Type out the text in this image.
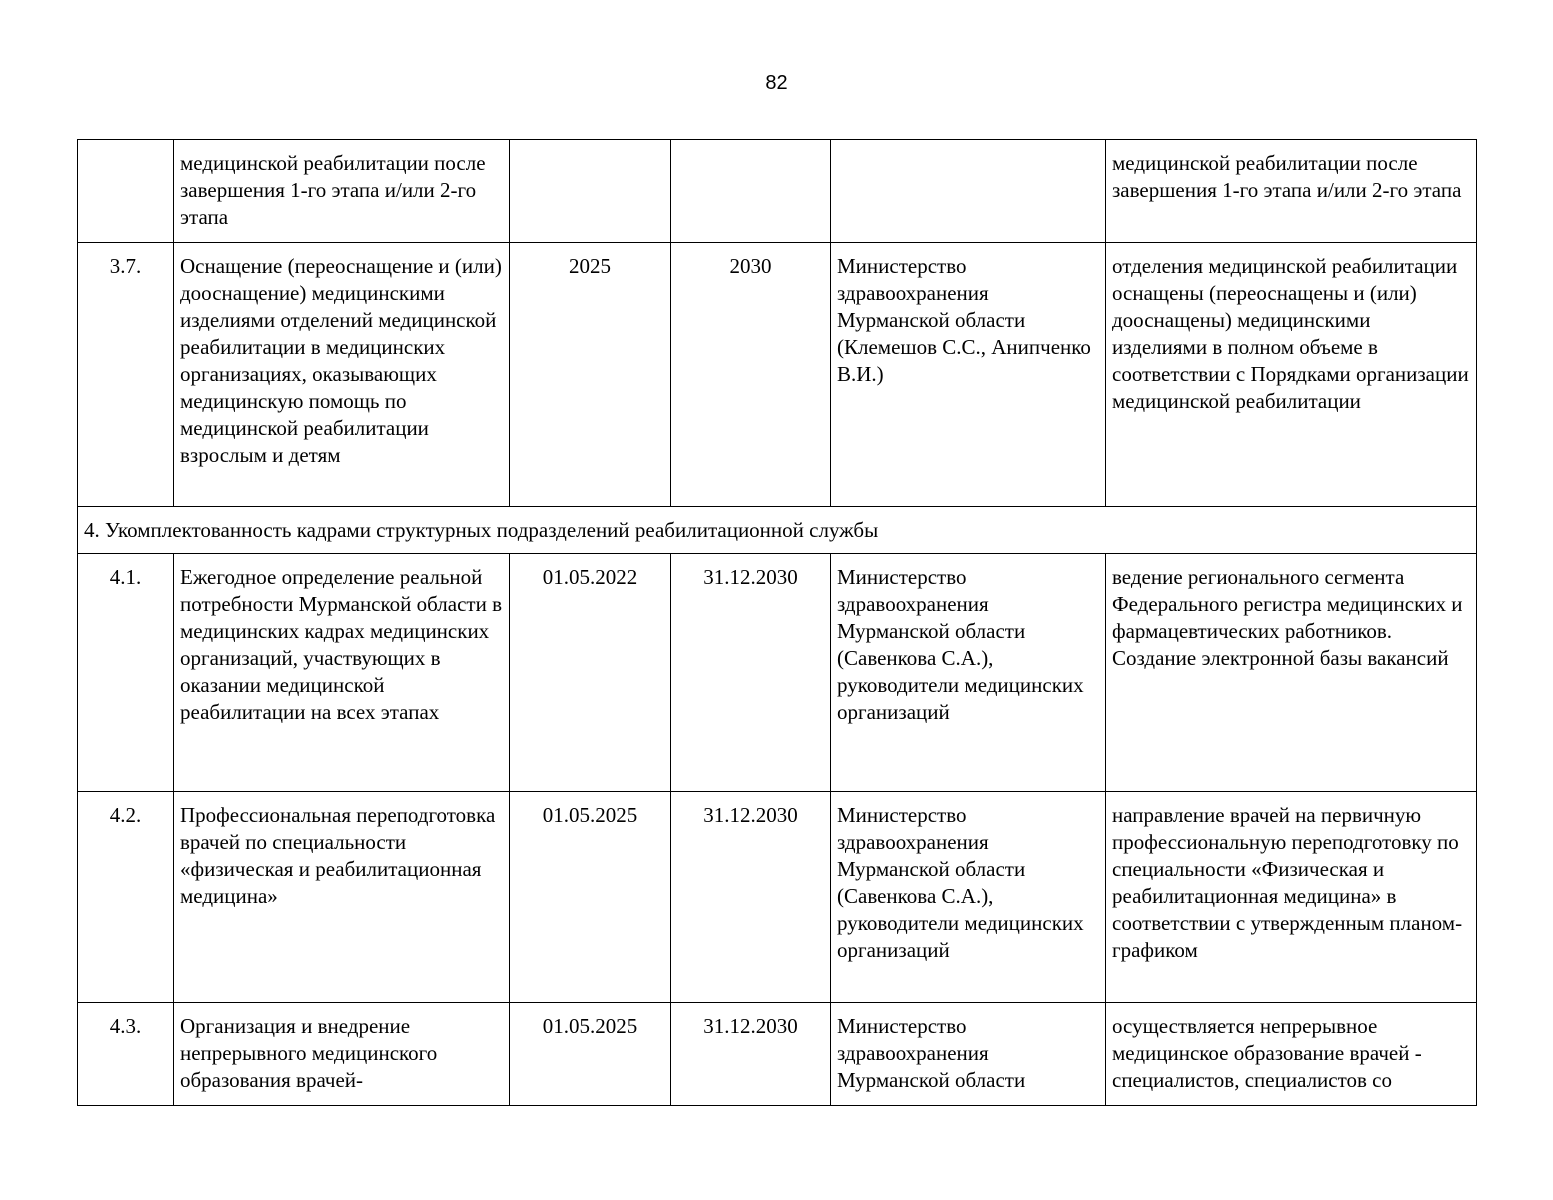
82
	медицинской реабилитации после завершения 1-го этапа и/или 2-го этапа				медицинской реабилитации после завершения 1-го этапа и/или 2-го этапа
3.7.	Оснащение (переоснащение и (или) дооснащение) медицинскими изделиями отделений медицинской реабилитации в медицинских организациях, оказывающих медицинскую помощь по медицинской реабилитации взрослым и детям	2025	2030	Министерство здравоохранения Мурманской области (Клемешов С.С., Анипченко В.И.)	отделения медицинской реабилитации оснащены (переоснащены и (или) дооснащены) медицинскими изделиями в полном объеме в соответствии с Порядками организации медицинской реабилитации
4. Укомплектованность кадрами структурных подразделений реабилитационной службы					
4.1.	Ежегодное определение реальной потребности Мурманской области в медицинских кадрах медицинских организаций, участвующих в оказании медицинской реабилитации на всех этапах	01.05.2022	31.12.2030	Министерство здравоохранения Мурманской области (Савенкова С.А.), руководители медицинских организаций	ведение регионального сегмента Федерального регистра медицинских и фармацевтических работников.
Создание электронной базы вакансий
4.2.	Профессиональная переподготовка врачей по специальности «физическая и реабилитационная медицина»	01.05.2025	31.12.2030	Министерство здравоохранения Мурманской области (Савенкова С.А.), руководители медицинских организаций	направление врачей на первичную профессиональную переподготовку по специальности «Физическая и реабилитационная медицина» в соответствии с утвержденным планом-графиком
4.3.	Организация и внедрение непрерывного медицинского образования врачей-	01.05.2025	31.12.2030	Министерство здравоохранения Мурманской области	осуществляется непрерывное медицинское образование врачей - специалистов, специалистов со
